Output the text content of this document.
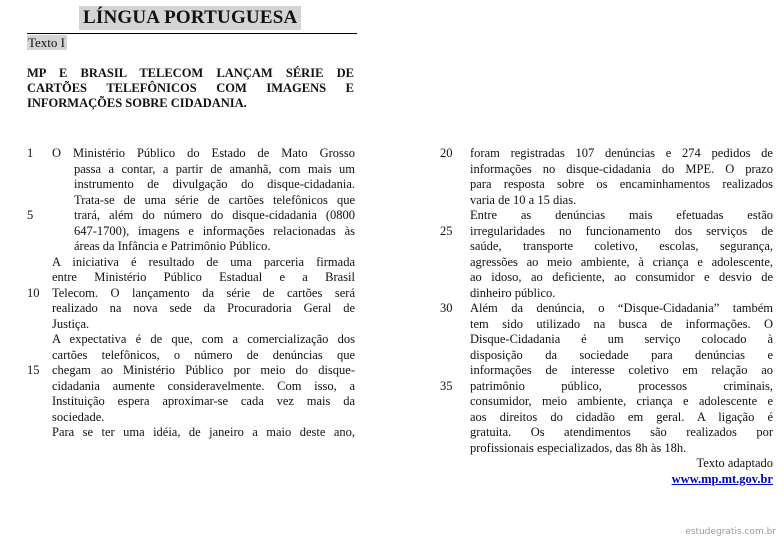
LÍNGUA PORTUGUESA
Texto I
MP E BRASIL TELECOM LANÇAM SÉRIE DE CARTÕES TELEFÔNICOS COM IMAGENS E INFORMAÇÕES SOBRE CIDADANIA.
1	O Ministério Público do Estado de Mato Grosso
passa a contar, a partir de amanhã, com mais um
instrumento de divulgação do disque-cidadania.
Trata-se de uma série de cartões telefônicos que
5	trará, além do número do disque-cidadania (0800
647-1700), imagens e informações relacionadas às
áreas da Infância e Patrimônio Público.
A iniciativa é resultado de uma parceria firmada
entre Ministério Público Estadual e a Brasil
10	Telecom. O lançamento da série de cartões será
realizado na nova sede da Procuradoria Geral de
Justiça.
A expectativa é de que, com a comercialização dos
cartões telefônicos, o número de denúncias que
15	chegam ao Ministério Público por meio do disque-
cidadania aumente consideravelmente. Com isso, a
Instituição espera aproximar-se cada vez mais da
sociedade.
Para se ter uma idéia, de janeiro a maio deste ano,
20	foram registradas 107 denúncias e 274 pedidos de
informações no disque-cidadania do MPE. O prazo
para resposta sobre os encaminhamentos realizados
varia de 10 a 15 dias.
Entre as denúncias mais efetuadas estão
25	irregularidades no funcionamento dos serviços de
saúde, transporte coletivo, escolas, segurança,
agressões ao meio ambiente, à criança e adolescente,
ao idoso, ao deficiente, ao consumidor e desvio de
dinheiro público.
30	Além da denúncia, o “Disque-Cidadania” também
tem sido utilizado na busca de informações. O
Disque-Cidadania é um serviço colocado à
disposição da sociedade para denúncias e
informações de interesse coletivo em relação ao
35	patrimônio público, processos criminais,
consumidor, meio ambiente, criança e adolescente e
aos direitos do cidadão em geral. A ligação é
gratuita. Os atendimentos são realizados por
profissionais especializados, das 8h às 18h.
Texto adaptado
www.mp.mt.gov.br
estudegratis.com.br
